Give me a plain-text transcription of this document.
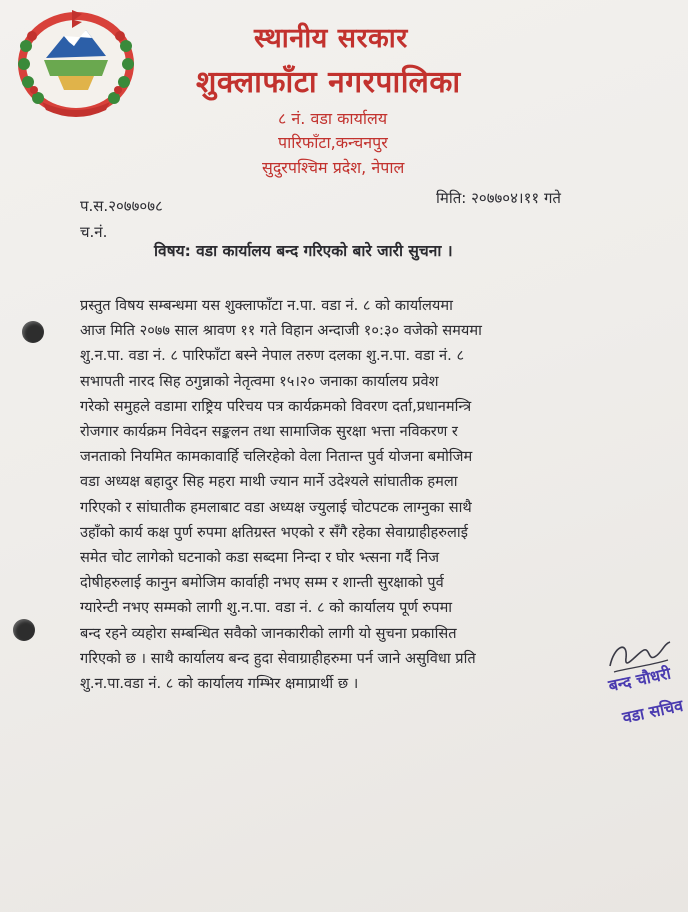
स्थानीय सरकार
शुक्लाफाँटा नगरपालिका
८ नं. वडा कार्यालय
पारिफाँटा,कन्चनपुर
सुदुरपश्चिम प्रदेश, नेपाल
प.स.२०७७०७८
च.नं.
मिति: २०७७०४।११ गते
विषय: वडा कार्यालय बन्द गरिएको बारे जारी सुचना ।
प्रस्तुत विषय सम्बन्धमा यस शुक्लाफाँटा न.पा. वडा नं. ८ को कार्यालयमा
आज मिति २०७७ साल श्रावण ११ गते विहान अन्दाजी १०:३० वजेको समयमा
शु.न.पा. वडा नं. ८ पारिफाँटा बस्ने नेपाल तरुण दलका शु.न.पा. वडा नं. ८
सभापती नारद सिह ठगुन्नाको नेतृत्वमा १५।२० जनाका कार्यालय प्रवेश
गरेको समुहले वडामा राष्ट्रिय परिचय पत्र कार्यक्रमको विवरण दर्ता,प्रधानमन्त्रि
रोजगार कार्यक्रम निवेदन सङ्कलन तथा सामाजिक सुरक्षा भत्ता नविकरण र
जनताको नियमित कामकावार्हि चलिरहेको वेला नितान्त पुर्व योजना बमोजिम
वडा अध्यक्ष बहादुर सिह महरा माथी ज्यान मार्ने उदेश्यले सांघातीक हमला
गरिएको र सांघातीक हमलाबाट वडा अध्यक्ष ज्युलाई चोटपटक लाग्नुका साथै
उहाँको कार्य कक्ष पुर्ण रुपमा क्षतिग्रस्त भएको र सँगै रहेका सेवाग्राहीहरुलाई
समेत चोट लागेको घटनाको कडा सब्दमा निन्दा र घोर भ्त्सना गर्दै निज
दोषीहरुलाई कानुन बमोजिम कार्वाही नभए सम्म र शान्ती सुरक्षाको पुर्व
ग्यारेन्टी नभए सम्मको लागी शु.न.पा. वडा नं. ८ को कार्यालय पूर्ण रुपमा
बन्द रहने व्यहोरा सम्बन्धित सवैको जानकारीको लागी यो सुचना प्रकासित
गरिएको छ । साथै कार्यालय बन्द हुदा सेवाग्राहीहरुमा पर्न जाने असुविधा प्रति
शु.न.पा.वडा नं. ८ को कार्यालय गम्भिर क्षमाप्रार्थी छ ।	बन्द चौधरी
वडा सचिव
